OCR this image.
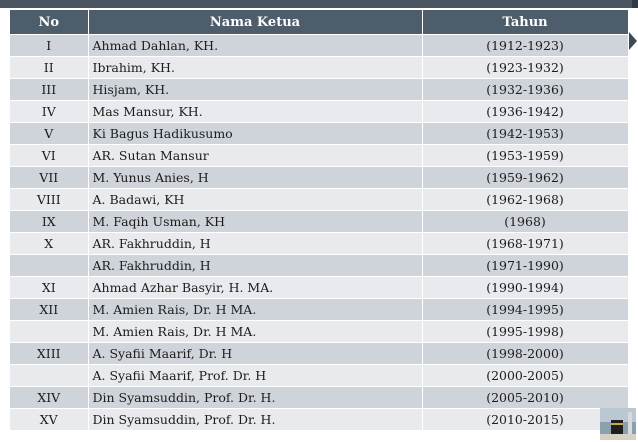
No	Nama Ketua	Tahun
I	Ahmad Dahlan, KH.	(1912-1923)
II	Ibrahim, KH.	(1923-1932)
III	Hisjam, KH.	(1932-1936)
IV	Mas Mansur, KH.	(1936-1942)
V	Ki Bagus Hadikusumo	(1942-1953)
VI	AR. Sutan Mansur	(1953-1959)
VII	M. Yunus Anies, H	(1959-1962)
VIII	A. Badawi, KH	(1962-1968)
IX	M. Faqih Usman, KH	(1968)
X	AR. Fakhruddin, H	(1968-1971)
	AR. Fakhruddin, H	(1971-1990)
XI	Ahmad Azhar Basyir, H. MA.	(1990-1994)
XII	M. Amien Rais, Dr. H MA.	(1994-1995)
	M. Amien Rais, Dr. H MA.	(1995-1998)
XIII	A. Syafii Maarif, Dr. H	(1998-2000)
	A. Syafii Maarif, Prof. Dr. H	(2000-2005)
XIV	Din Syamsuddin, Prof. Dr. H.	(2005-2010)
XV	Din Syamsuddin, Prof. Dr. H.	(2010-2015)
